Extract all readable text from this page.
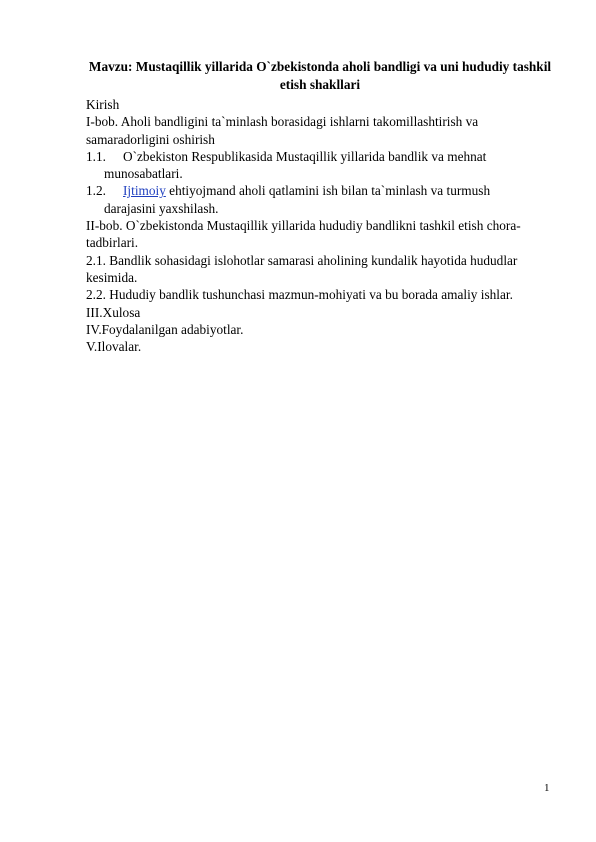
Mavzu: Mustaqillik yillarida O`zbekistonda aholi bandligi va uni hududiy tashkil etish shakllari

Kirish

I-bob. Aholi bandligini ta`minlash borasidagi ishlarni takomillashtirish va samaradorligini oshirish

1.1.	O`zbekiston Respublikasida Mustaqillik yillarida bandlik va mehnat

munosabatlari.

1.2.	Ijtimoiy ehtiyojmand aholi qatlamini ish bilan ta`minlash va turmush

darajasini yaxshilash.

II-bob. O`zbekistonda Mustaqillik yillarida hududiy bandlikni tashkil etish chora-tadbirlari.

2.1. Bandlik sohasidagi islohotlar samarasi aholining kundalik hayotida hududlar kesimida.

2.2. Hududiy bandlik tushunchasi mazmun-mohiyati va bu borada amaliy ishlar.

III.Xulosa

IV.Foydalanilgan adabiyotlar.

V.Ilovalar.

1
